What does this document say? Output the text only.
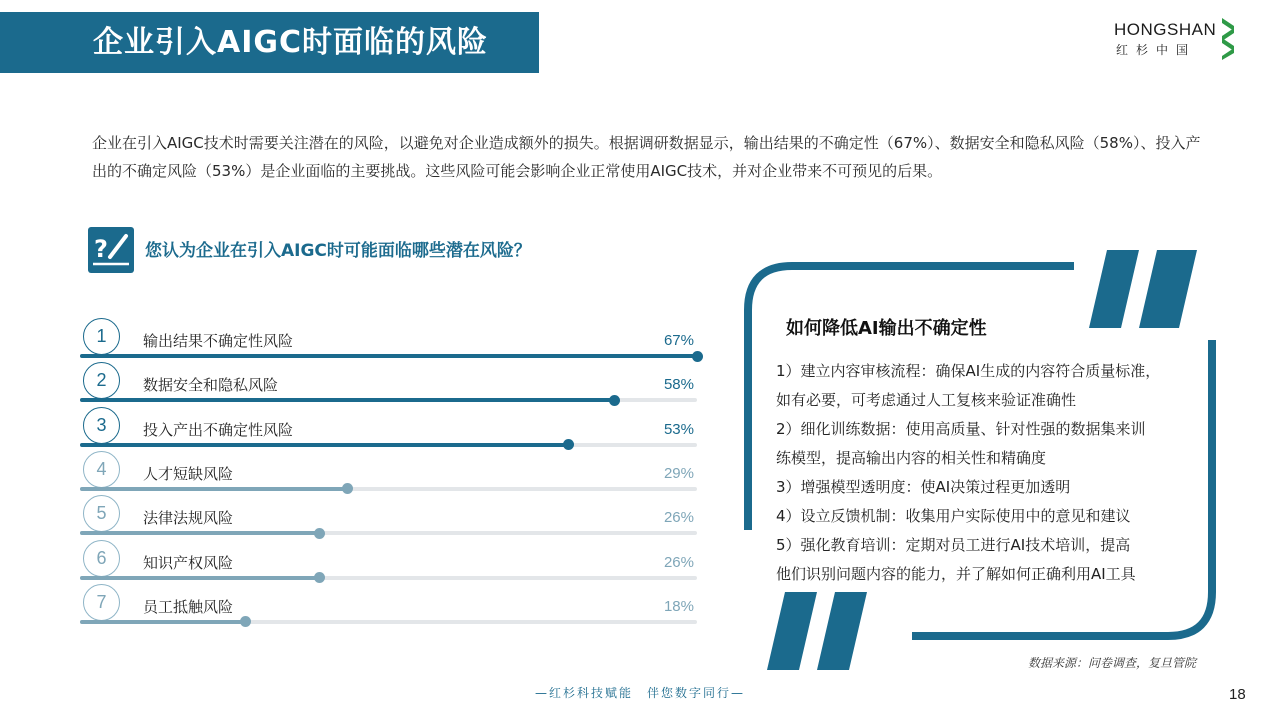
企业引入AIGC时面临的风险	HONGSHAN
红杉中国
企业在引入AIGC技术时需要关注潜在的风险，以避免对企业造成额外的损失。根据调研数据显示，输出结果的不确定性（67%）、数据安全和隐私风险（58%）、投入产出的不确定风险（53%）是企业面临的主要挑战。这些风险可能会影响企业正常使用AIGC技术，并对企业带来不可预见的后果。
? 您认为企业在引入AIGC时可能面临哪些潜在风险？
1	输出结果不确定性风险	67%
2	数据安全和隐私风险	58%
3	投入产出不确定性风险	53%
4	人才短缺风险	29%
5	法律法规风险	26%
6	知识产权风险	26%
7	员工抵触风险	18%
如何降低AI输出不确定性
1）建立内容审核流程：确保AI生成的内容符合质量标准，
如有必要，可考虑通过人工复核来验证准确性
2）细化训练数据：使用高质量、针对性强的数据集来训
练模型，提高输出内容的相关性和精确度
3）增强模型透明度：使AI决策过程更加透明
4）设立反馈机制：收集用户实际使用中的意见和建议
5）强化教育培训：定期对员工进行AI技术培训，提高
他们识别问题内容的能力，并了解如何正确利用AI工具
数据来源：问卷调查，复旦管院
—红杉科技赋能　伴您数字同行—	18
